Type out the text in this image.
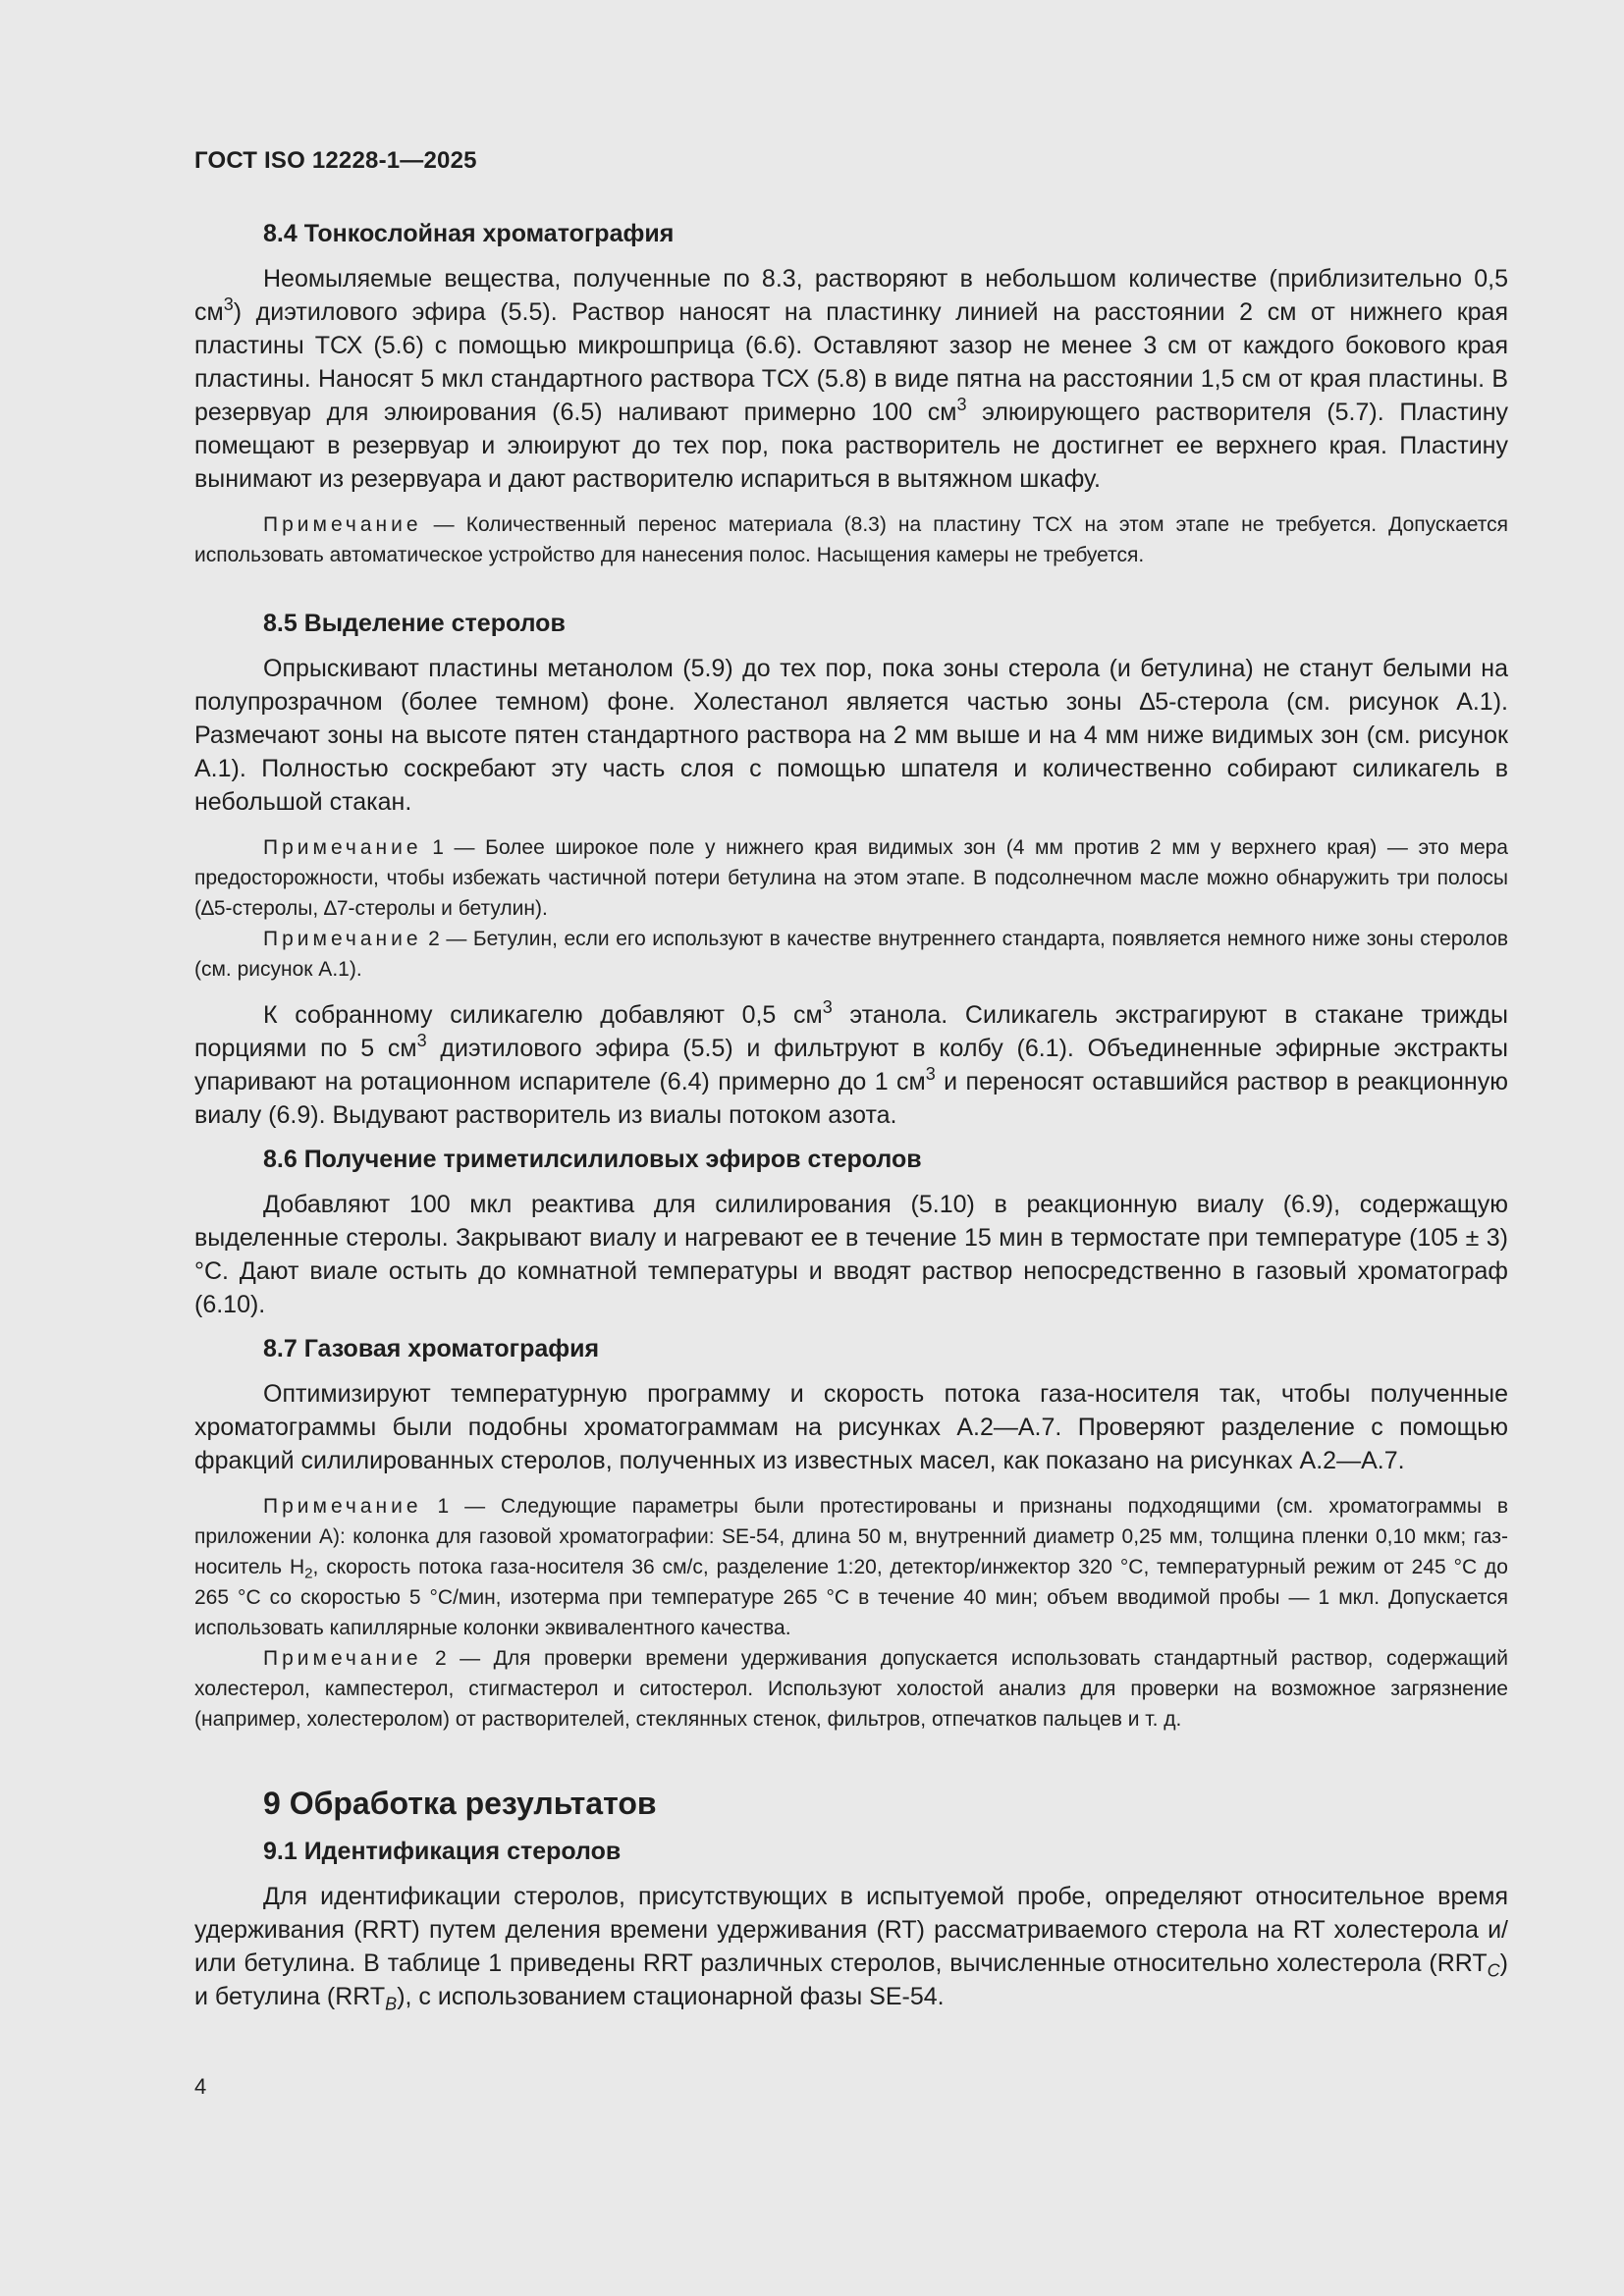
ГОСТ ISO 12228-1—2025
8.4 Тонкослойная хроматография

Неомыляемые вещества, полученные по 8.3, растворяют в небольшом количестве (приблизительно 0,5 $см^3$) диэтилового эфира (5.5). Раствор наносят на пластинку линией на расстоянии 2 см от нижнего края пластины ТСХ (5.6) с помощью микрошприца (6.6). Оставляют зазор не менее 3 см от каждого бокового края пластины. Наносят 5 мкл стандартного раствора ТСХ (5.8) в виде пятна на расстоянии 1,5 см от края пластины. В резервуар для элюирования (6.5) наливают примерно 100 $см^3$ элюирующего растворителя (5.7). Пластину помещают в резервуар и элюируют до тех пор, пока растворитель не достигнет ее верхнего края. Пластину вынимают из резервуара и дают растворителю испариться в вытяжном шкафу.

Примечание — Количественный перенос материала (8.3) на пластину ТСХ на этом этапе не требуется. Допускается использовать автоматическое устройство для нанесения полос. Насыщения камеры не требуется.

8.5 Выделение стеролов

Опрыскивают пластины метанолом (5.9) до тех пор, пока зоны стерола (и бетулина) не станут белыми на полупрозрачном (более темном) фоне. Холестанол является частью зоны ∆5-стерола (см. рисунок А.1). Размечают зоны на высоте пятен стандартного раствора на 2 мм выше и на 4 мм ниже видимых зон (см. рисунок А.1). Полностью соскребают эту часть слоя с помощью шпателя и количественно собирают силикагель в небольшой стакан.

Примечание 1 — Более широкое поле у нижнего края видимых зон (4 мм против 2 мм у верхнего края) — это мера предосторожности, чтобы избежать частичной потери бетулина на этом этапе. В подсолнечном масле можно обнаружить три полосы (∆5-стеролы, ∆7-стеролы и бетулин).

Примечание 2 — Бетулин, если его используют в качестве внутреннего стандарта, появляется немного ниже зоны стеролов (см. рисунок А.1).

К собранному силикагелю добавляют 0,5 $см^3$ этанола. Силикагель экстрагируют в стакане трижды порциями по 5 $см^3$ диэтилового эфира (5.5) и фильтруют в колбу (6.1). Объединенные эфирные экстракты упаривают на ротационном испарителе (6.4) примерно до 1 $см^3$ и переносят оставшийся раствор в реакционную виалу (6.9). Выдувают растворитель из виалы потоком азота.

8.6 Получение триметилсилиловых эфиров стеролов

Добавляют 100 мкл реактива для силилирования (5.10) в реакционную виалу (6.9), содержащую выделенные стеролы. Закрывают виалу и нагревают ее в течение 15 мин в термостате при температуре (105 ± 3) °С. Дают виале остыть до комнатной температуры и вводят раствор непосредственно в газовый хроматограф (6.10).

8.7 Газовая хроматография

Оптимизируют температурную программу и скорость потока газа-носителя так, чтобы полученные хроматограммы были подобны хроматограммам на рисунках А.2—А.7. Проверяют разделение с помощью фракций силилированных стеролов, полученных из известных масел, как показано на рисунках А.2—А.7.

Примечание 1 — Следующие параметры были протестированы и признаны подходящими (см. хроматограммы в приложении А): колонка для газовой хроматографии: SE-54, длина 50 м, внутренний диаметр 0,25 мм, толщина пленки 0,10 мкм; газ-носитель $H_2$, скорость потока газа-носителя 36 см/с, разделение 1:20, детектор/инжектор 320 °С, температурный режим от 245 °С до 265 °С со скоростью 5 °С/мин, изотерма при температуре 265 °С в течение 40 мин; объем вводимой пробы — 1 мкл. Допускается использовать капиллярные колонки эквивалентного качества.

Примечание 2 — Для проверки времени удерживания допускается использовать стандартный раствор, содержащий холестерол, кампестерол, стигмастерол и ситостерол. Используют холостой анализ для проверки на возможное загрязнение (например, холестеролом) от растворителей, стеклянных стенок, фильтров, отпечатков пальцев и т. д.

9 Обработка результатов
9.1 Идентификация стеролов

Для идентификации стеролов, присутствующих в испытуемой пробе, определяют относительное время удерживания (RRT) путем деления времени удерживания (RT) рассматриваемого стерола на RT холестерола и/или бетулина. В таблице 1 приведены RRT различных стеролов, вычисленные относительно холестерола $(RRT_C)$ и бетулина $(RRT_B)$, с использованием стационарной фазы SE-54.

4
